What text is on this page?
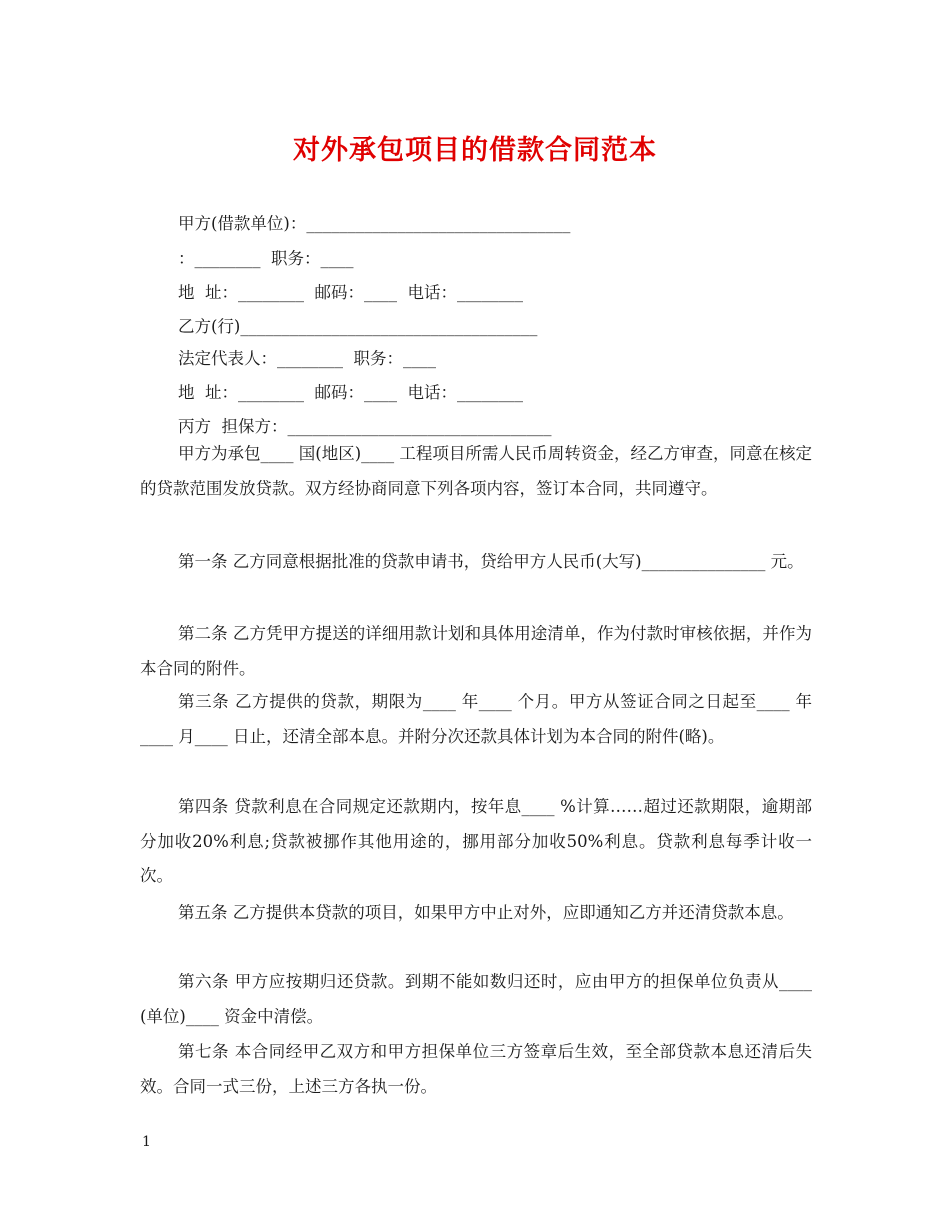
对外承包项目的借款合同范本
甲方(借款单位)：________________________________
：________  职务：____
地  址：________  邮码：____  电话：________
乙方(行)____________________________________
法定代表人：________  职务：____
地  址：________  邮码：____  电话：________
丙方  担保方：________________________________
甲方为承包____ 国(地区)____ 工程项目所需人民币周转资金，经乙方审查，同意在核定的贷款范围发放贷款。双方经协商同意下列各项内容，签订本合同，共同遵守。
第一条 乙方同意根据批准的贷款申请书，贷给甲方人民币(大写)_______________ 元。
第二条 乙方凭甲方提送的详细用款计划和具体用途清单，作为付款时审核依据，并作为本合同的附件。
第三条 乙方提供的贷款，期限为____ 年____ 个月。甲方从签证合同之日起至____ 年____ 月____ 日止，还清全部本息。并附分次还款具体计划为本合同的附件(略)。
第四条 贷款利息在合同规定还款期内，按年息____ %计算……超过还款期限，逾期部分加收20%利息;贷款被挪作其他用途的，挪用部分加收50%利息。贷款利息每季计收一次。
第五条 乙方提供本贷款的项目，如果甲方中止对外，应即通知乙方并还清贷款本息。
第六条 甲方应按期归还贷款。到期不能如数归还时，应由甲方的担保单位负责从____ (单位)____ 资金中清偿。
第七条 本合同经甲乙双方和甲方担保单位三方签章后生效，至全部贷款本息还清后失效。合同一式三份，上述三方各执一份。
1
